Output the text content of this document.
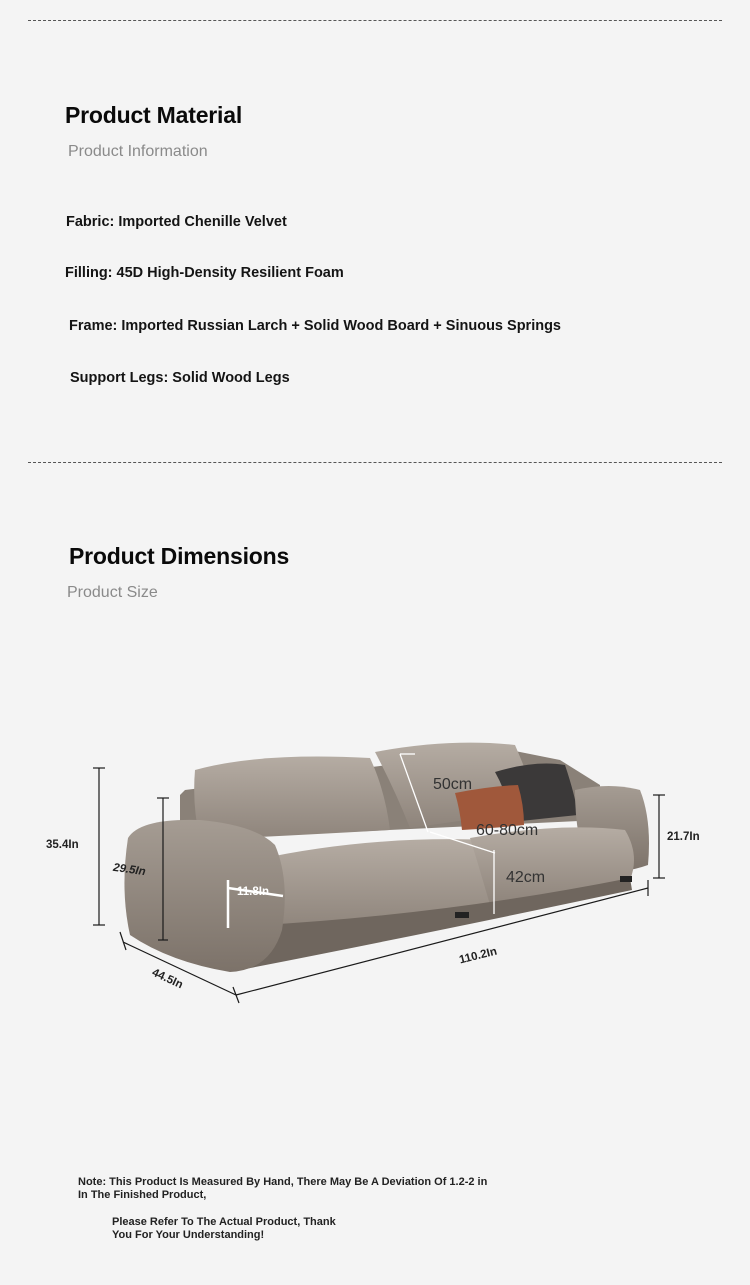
Product Material
Product Information
Fabric: Imported Chenille Velvet
Filling: 45D High-Density Resilient Foam
Frame: Imported Russian Larch + Solid Wood Board + Sinuous Springs
Support Legs: Solid Wood Legs
Product Dimensions
Product Size
35.4In
29.5In
11.8In
44.5In
110.2In
21.7In
50cm
60-80cm
42cm
Note: This Product Is Measured By Hand, There May Be A Deviation Of 1.2-2 in
In The Finished Product,
Please Refer To The Actual Product, Thank
You For Your Understanding!
